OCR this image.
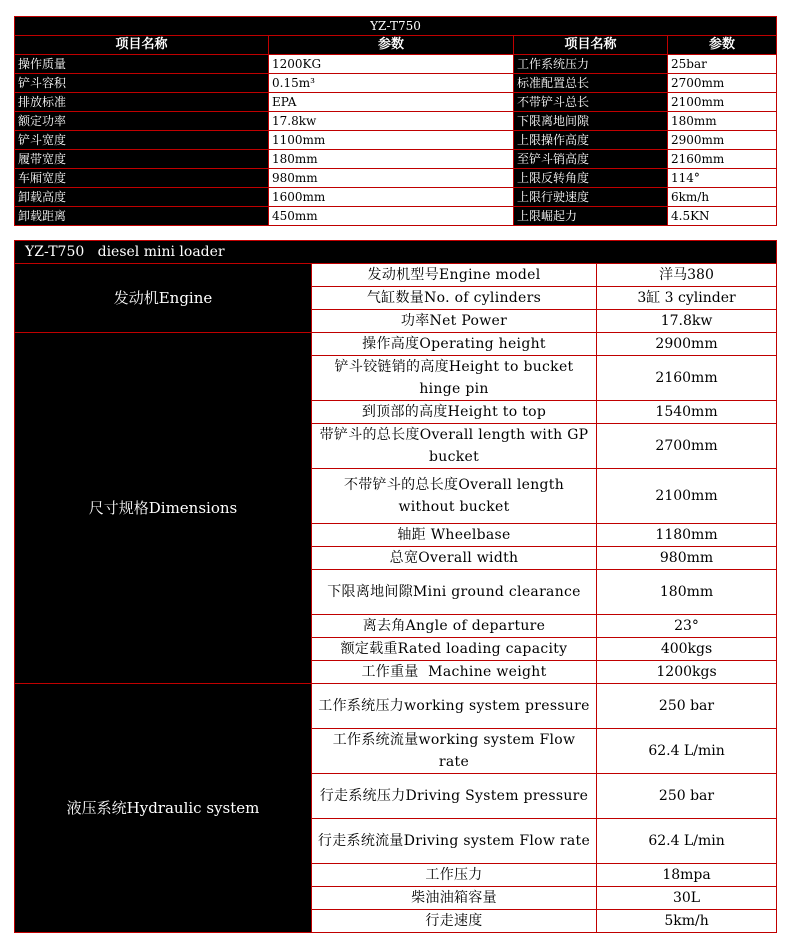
YZ-T750			
项目名称	参数	项目名称	参数
操作质量	1200KG	工作系统压力	25bar
铲斗容积	0.15m³	标准配置总长	2700mm
排放标准	EPA	不带铲斗总长	2100mm
额定功率	17.8kw	下限离地间隙	180mm
铲斗宽度	1100mm	上限操作高度	2900mm
履带宽度	180mm	至铲斗销高度	2160mm
车厢宽度	980mm	上限反转角度	114°
卸载高度	1600mm	上限行驶速度	6km/h
卸载距离	450mm	上限崛起力	4.5KN
YZ-T750   diesel mini loader		
发动机Engine	发动机型号Engine model	洋马380
	气缸数量No. of cylinders	3缸 3 cylinder
	功率Net Power	17.8kw
尺寸规格Dimensions	操作高度Operating height	2900mm
	铲斗铰链销的高度Height to bucket hinge pin	2160mm
	到顶部的高度Height to top	1540mm
	带铲斗的总长度Overall length with GP bucket	2700mm
	不带铲斗的总长度Overall length without bucket	2100mm
	轴距 Wheelbase	1180mm
	总宽Overall width	980mm
	下限离地间隙Mini ground clearance	180mm
	离去角Angle of departure	23°
	额定载重Rated loading capacity	400kgs
	工作重量  Machine weight	1200kgs
液压系统Hydraulic system	工作系统压力working system pressure	250 bar
	工作系统流量working system Flow rate	62.4 L/min
	行走系统压力Driving System pressure	250 bar
	行走系统流量Driving system Flow rate	62.4 L/min
	工作压力	18mpa
	柴油油箱容量	30L
	行走速度	5km/h
